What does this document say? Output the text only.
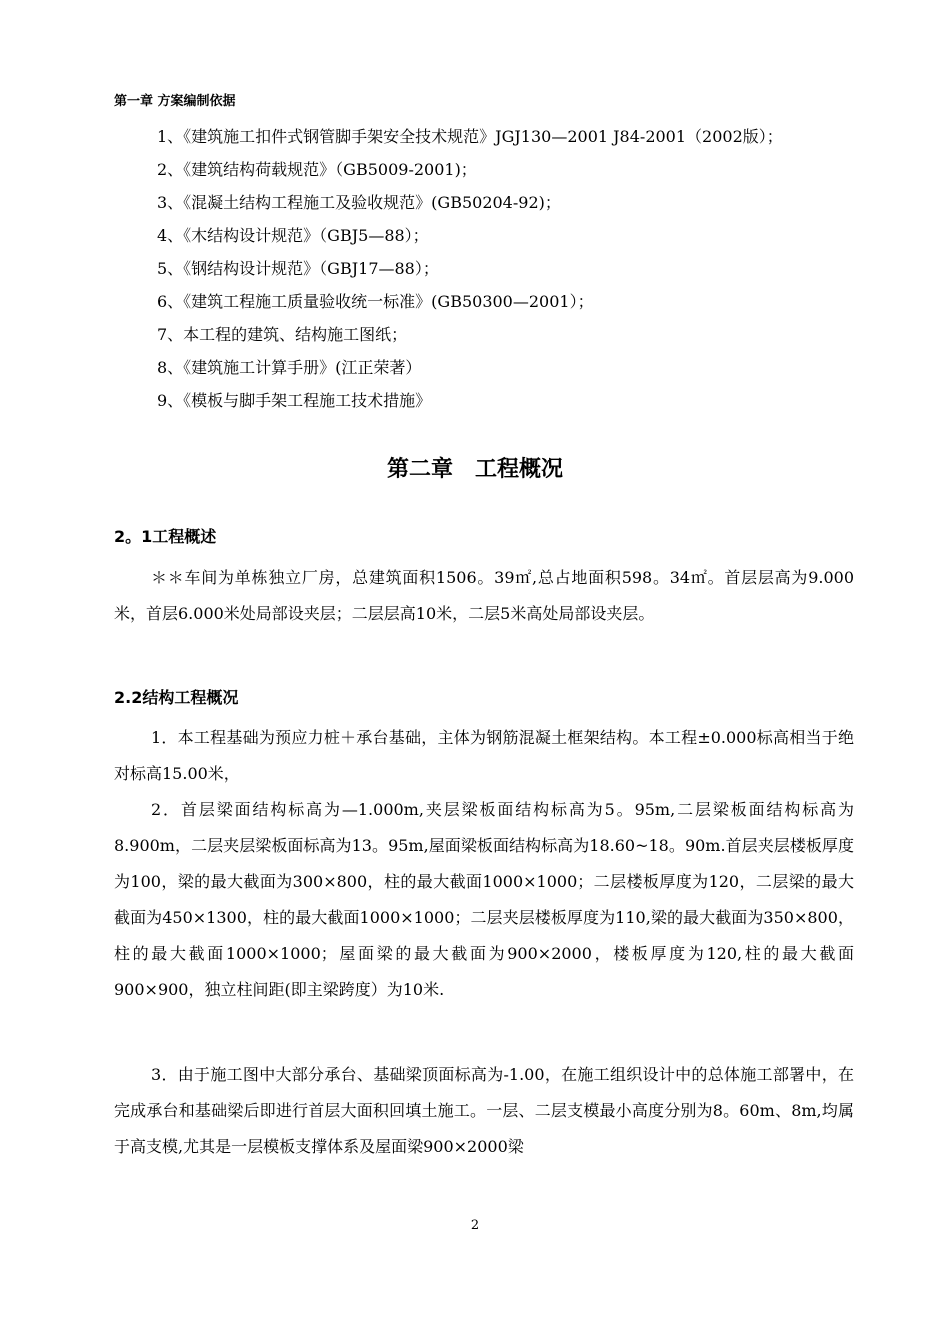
第一章 方案编制依据
1、《建筑施工扣件式钢管脚手架安全技术规范》JGJ130—2001 J84-2001（2002版）；
2、《建筑结构荷载规范》（GB5009-2001)；
3、《混凝土结构工程施工及验收规范》(GB50204-92)；
4、《木结构设计规范》（GBJ5—88）；
5、《钢结构设计规范》（GBJ17—88）；
6、《建筑工程施工质量验收统一标准》(GB50300—2001）；
7、本工程的建筑、结构施工图纸；
8、《建筑施工计算手册》(江正荣著）
9、《模板与脚手架工程施工技术措施》
第二章　工程概况
2。1工程概述

＊＊车间为单栋独立厂房，总建筑面积1506。39㎡,总占地面积598。34㎡。首层层高为9.000米，首层6.000米处局部设夹层；二层层高10米，二层5米高处局部设夹层。

2.2结构工程概况

1．本工程基础为预应力桩＋承台基础，主体为钢筋混凝土框架结构。本工程±0.000标高相当于绝对标高15.00米，

2．首层梁面结构标高为—1.000m,夹层梁板面结构标高为5。95m,二层梁板面结构标高为8.900m，二层夹层梁板面标高为13。95m,屋面梁板面结构标高为18.60~18。90m.首层夹层楼板厚度为100，梁的最大截面为300×800，柱的最大截面1000×1000；二层楼板厚度为120，二层梁的最大截面为450×1300，柱的最大截面1000×1000；二层夹层楼板厚度为110,梁的最大截面为350×800，柱的最大截面1000×1000；屋面梁的最大截面为900×2000，楼板厚度为120,柱的最大截面900×900，独立柱间距(即主梁跨度）为10米.

3．由于施工图中大部分承台、基础梁顶面标高为-1.00，在施工组织设计中的总体施工部署中，在完成承台和基础梁后即进行首层大面积回填土施工。一层、二层支模最小高度分别为8。60m、8m,均属于高支模,尤其是一层模板支撑体系及屋面梁900×2000梁

2
